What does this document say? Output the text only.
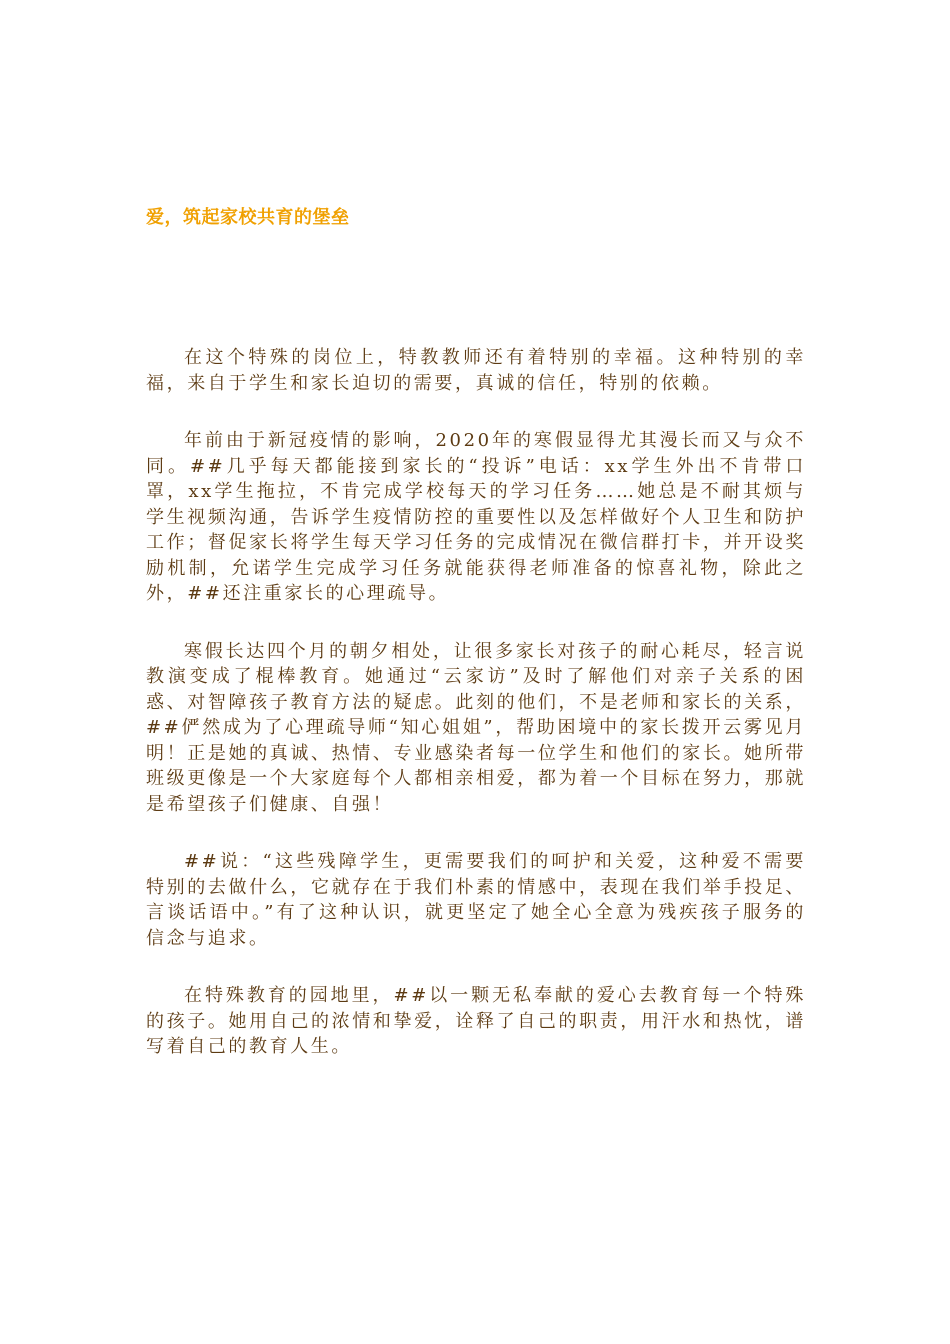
爱，筑起家校共育的堡垒

在这个特殊的岗位上，特教教师还有着特别的幸福。这种特别的幸福，来自于学生和家长迫切的需要，真诚的信任，特别的依赖。

年前由于新冠疫情的影响，2020年的寒假显得尤其漫长而又与众不同。##几乎每天都能接到家长的“投诉”电话：xx学生外出不肯带口罩，xx学生拖拉，不肯完成学校每天的学习任务……她总是不耐其烦与学生视频沟通，告诉学生疫情防控的重要性以及怎样做好个人卫生和防护工作；督促家长将学生每天学习任务的完成情况在微信群打卡，并开设奖励机制，允诺学生完成学习任务就能获得老师准备的惊喜礼物，除此之外，##还注重家长的心理疏导。

寒假长达四个月的朝夕相处，让很多家长对孩子的耐心耗尽，轻言说教演变成了棍棒教育。她通过“云家访”及时了解他们对亲子关系的困惑、对智障孩子教育方法的疑虑。此刻的他们，不是老师和家长的关系，##俨然成为了心理疏导师“知心姐姐”，帮助困境中的家长拨开云雾见月明！正是她的真诚、热情、专业感染者每一位学生和他们的家长。她所带班级更像是一个大家庭每个人都相亲相爱，都为着一个目标在努力，那就是希望孩子们健康、自强！

##说：“这些残障学生，更需要我们的呵护和关爱，这种爱不需要特别的去做什么，它就存在于我们朴素的情感中，表现在我们举手投足、言谈话语中。”有了这种认识，就更坚定了她全心全意为残疾孩子服务的信念与追求。

在特殊教育的园地里，##以一颗无私奉献的爱心去教育每一个特殊的孩子。她用自己的浓情和挚爱，诠释了自己的职责，用汗水和热忱，谱写着自己的教育人生。
